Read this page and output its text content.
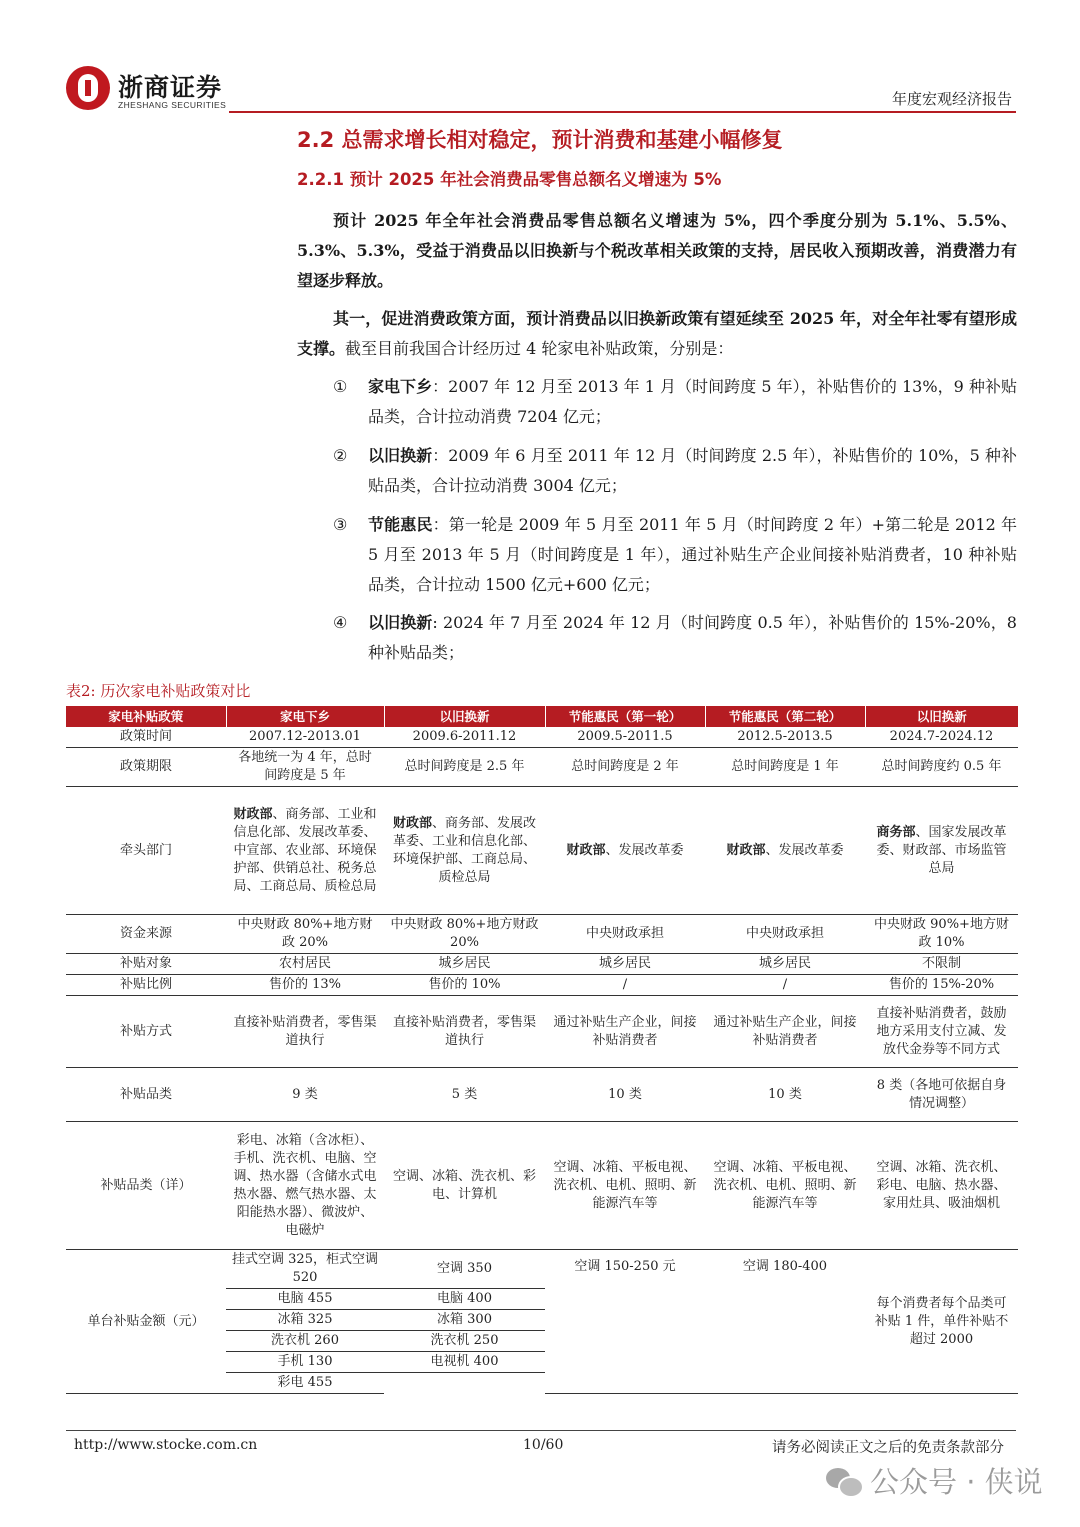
浙商证券
ZHESHANG SECURITIES	年度宏观经济报告
2.2 总需求增长相对稳定，预计消费和基建小幅修复
2.2.1 预计 2025 年社会消费品零售总额名义增速为 5%

预计 2025 年全年社会消费品零售总额名义增速为 5%，四个季度分别为 5.1%、5.5%、5.3%、5.3%，受益于消费品以旧换新与个税改革相关政策的支持，居民收入预期改善，消费潜力有望逐步释放。

其一，促进消费政策方面，预计消费品以旧换新政策有望延续至 2025 年，对全年社零有望形成支撑。截至目前我国合计经历过 4 轮家电补贴政策，分别是：

① 家电下乡：2007 年 12 月至 2013 年 1 月（时间跨度 5 年），补贴售价的 13%，9 种补贴品类，合计拉动消费 7204 亿元；
② 以旧换新：2009 年 6 月至 2011 年 12 月（时间跨度 2.5 年），补贴售价的 10%，5 种补贴品类，合计拉动消费 3004 亿元；
③ 节能惠民：第一轮是 2009 年 5 月至 2011 年 5 月（时间跨度 2 年）+第二轮是 2012 年 5 月至 2013 年 5 月（时间跨度是 1 年），通过补贴生产企业间接补贴消费者，10 种补贴品类，合计拉动 1500 亿元+600 亿元；
④ 以旧换新: 2024 年 7 月至 2024 年 12 月（时间跨度 0.5 年），补贴售价的 15%-20%，8 种补贴品类；
表2: 历次家电补贴政策对比
家电补贴政策	家电下乡	以旧换新	节能惠民（第一轮）	节能惠民（第二轮）	以旧换新
政策时间	2007.12-2013.01	2009.6-2011.12	2009.5-2011.5	2012.5-2013.5	2024.7-2024.12
政策期限	各地统一为 4 年，总时间跨度是 5 年	总时间跨度是 2.5 年	总时间跨度是 2 年	总时间跨度是 1 年	总时间跨度约 0.5 年
牵头部门	财政部、商务部、工业和信息化部、发展改革委、中宣部、农业部、环境保护部、供销总社、税务总局、工商总局、质检总局	财政部、商务部、发展改革委、工业和信息化部、环境保护部、工商总局、质检总局	财政部、发展改革委	财政部、发展改革委	商务部、国家发展改革委、财政部、市场监管总局
资金来源	中央财政 80%+地方财政 20%	中央财政 80%+地方财政 20%	中央财政承担	中央财政承担	中央财政 90%+地方财政 10%
补贴对象	农村居民	城乡居民	城乡居民	城乡居民	不限制
补贴比例	售价的 13%	售价的 10%	/	/	售价的 15%-20%
补贴方式	直接补贴消费者，零售渠道执行	直接补贴消费者，零售渠道执行	通过补贴生产企业，间接补贴消费者	通过补贴生产企业，间接补贴消费者	直接补贴消费者，鼓励地方采用支付立减、发放代金券等不同方式
补贴品类	9 类	5 类	10 类	10 类	8 类（各地可依据自身情况调整）
补贴品类（详）	彩电、冰箱（含冰柜）、手机、洗衣机、电脑、空调、热水器（含储水式电热水器、燃气热水器、太阳能热水器）、微波炉、电磁炉	空调、冰箱、洗衣机、彩电、计算机	空调、冰箱、平板电视、洗衣机、电机、照明、新能源汽车等	空调、冰箱、平板电视、洗衣机、电机、照明、新能源汽车等	空调、冰箱、洗衣机、彩电、电脑、热水器、家用灶具、吸油烟机
单台补贴金额（元）	挂式空调 325，柜式空调 520	空调 350	空调 150-250 元	空调 180-400	每个消费者每个品类可补贴 1 件，单件补贴不超过 2000
	电脑 455	电脑 400			
	冰箱 325	冰箱 300			
	洗衣机 260	洗衣机 250			
	手机 130	电视机 400			
	彩电 455				
http://www.stocke.com.cn	10/60	请务必阅读正文之后的免责条款部分
公众号 · 侠说
